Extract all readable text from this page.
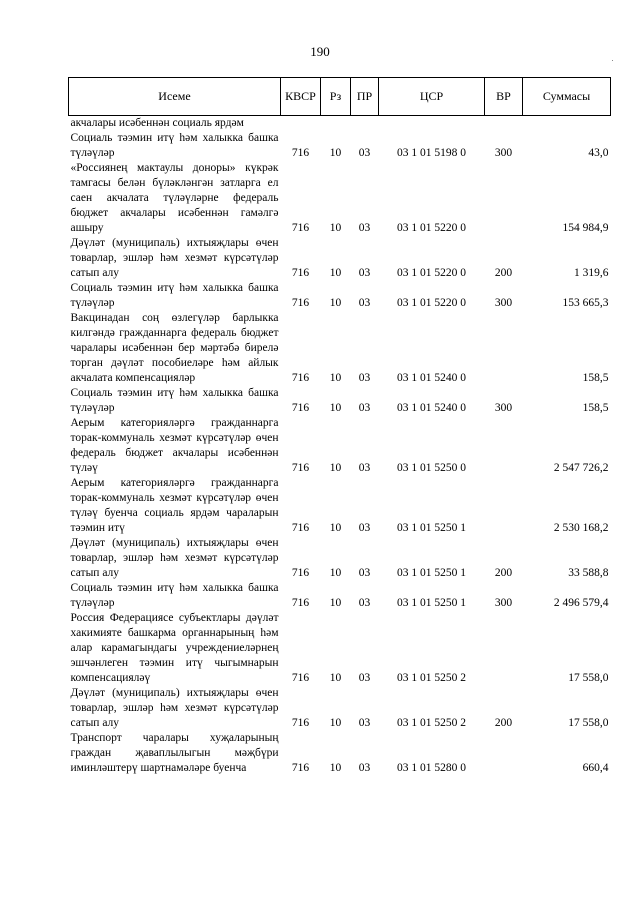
190
Исеме	КВСР	Рз	ПР	ЦСР	ВР	Суммасы
акчалары исәбеннән социаль ярдәм						
Социаль тәэмин итү һәм халыкка башка түләүләр	716	10	03	03 1 01 5198 0	300	43,0
«Россиянең мактаулы доноры» күкрәк тамгасы белән бүләкләнгән затларга ел саен акчалата түләүләрне федераль бюджет акчалары исәбеннән гамәлгә ашыру	716	10	03	03 1 01 5220 0		154 984,9
Дәүләт (муниципаль) ихтыяҗлары өчен товарлар, эшләр һәм хезмәт күрсәтүләр сатып алу	716	10	03	03 1 01 5220 0	200	1 319,6
Социаль тәэмин итү һәм халыкка башка түләүләр	716	10	03	03 1 01 5220 0	300	153 665,3
Вакцинадан соң өзлегүләр барлыкка килгәндә гражданнарга федераль бюджет чаралары исәбеннән бер мәртәбә бирелә торган дәүләт пособиеләре һәм айлык акчалата компенсацияләр	716	10	03	03 1 01 5240 0		158,5
Социаль тәэмин итү һәм халыкка башка түләүләр	716	10	03	03 1 01 5240 0	300	158,5
Аерым категорияләргә гражданнарга торак-коммуналь хезмәт күрсәтүләр өчен федераль бюджет акчалары исәбеннән түләү	716	10	03	03 1 01 5250 0		2 547 726,2
Аерым категорияләргә гражданнарга торак-коммуналь хезмәт күрсәтүләр өчен түләү буенча социаль ярдәм чараларын тәэмин итү	716	10	03	03 1 01 5250 1		2 530 168,2
Дәүләт (муниципаль) ихтыяҗлары өчен товарлар, эшләр һәм хезмәт күрсәтүләр сатып алу	716	10	03	03 1 01 5250 1	200	33 588,8
Социаль тәэмин итү һәм халыкка башка түләүләр	716	10	03	03 1 01 5250 1	300	2 496 579,4
Россия Федерациясе субъектлары дәүләт хакимияте башкарма органнарының һәм алар карамагындагы учреждениеләрнең эшчәнлеген тәэмин итү чыгымнарын компенсацияләү	716	10	03	03 1 01 5250 2		17 558,0
Дәүләт (муниципаль) ихтыяҗлары өчен товарлар, эшләр һәм хезмәт күрсәтүләр сатып алу	716	10	03	03 1 01 5250 2	200	17 558,0
Транспорт чаралары хуҗаларының граждан җаваплылыгын мәҗбүри иминләштерү шартнамәләре буенча	716	10	03	03 1 01 5280 0		660,4
